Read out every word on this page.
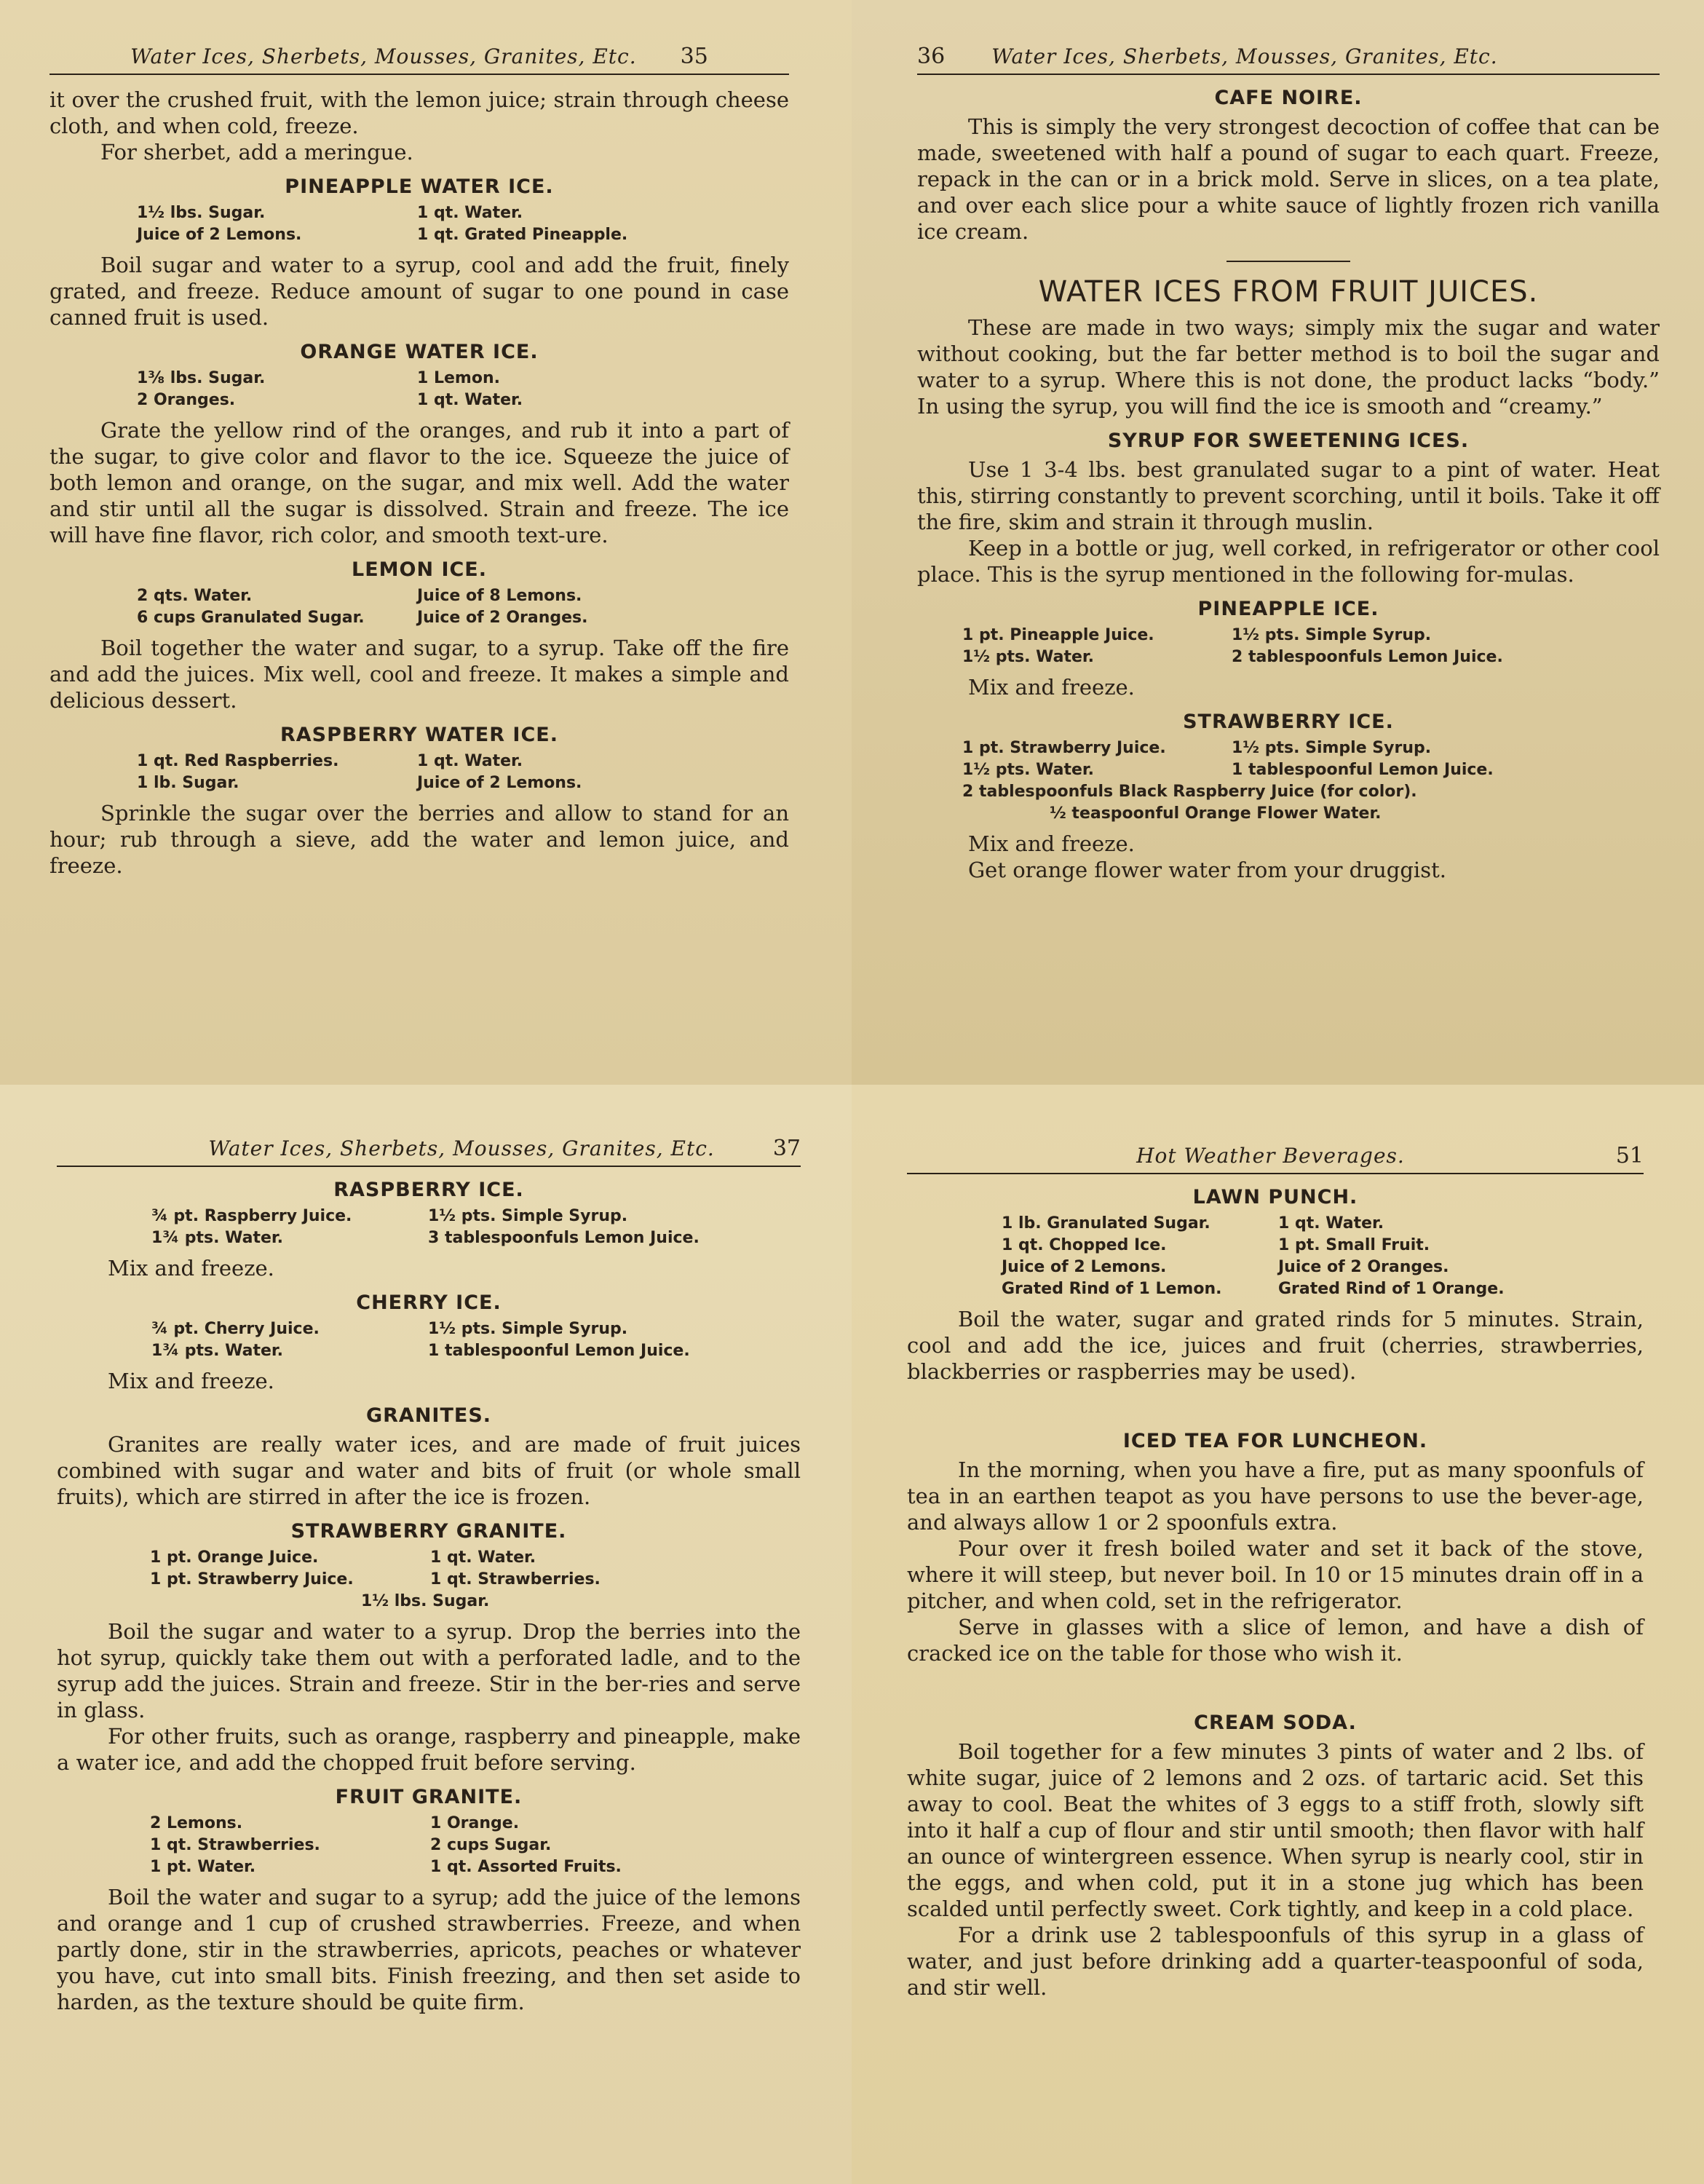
Water Ices, Sherbets, Mousses, Granites, Etc. 35

it over the crushed fruit, with the lemon juice; strain through cheese cloth, and when cold, freeze.

For sherbet, add a meringue.

PINEAPPLE WATER ICE.
1½ lbs. Sugar.	1 qt. Water.
Juice of 2 Lemons.	1 qt. Grated Pineapple.

Boil sugar and water to a syrup, cool and add the fruit, finely grated, and freeze. Reduce amount of sugar to one pound in case canned fruit is used.

ORANGE WATER ICE.
1⅜ lbs. Sugar.	1 Lemon.
2 Oranges.	1 qt. Water.

Grate the yellow rind of the oranges, and rub it into a part of the sugar, to give color and flavor to the ice. Squeeze the juice of both lemon and orange, on the sugar, and mix well. Add the water and stir until all the sugar is dissolved. Strain and freeze. The ice will have fine flavor, rich color, and smooth text-ure.

LEMON ICE.
2 qts. Water.	Juice of 8 Lemons.
6 cups Granulated Sugar.	Juice of 2 Oranges.

Boil together the water and sugar, to a syrup. Take off the fire and add the juices. Mix well, cool and freeze. It makes a simple and delicious dessert.

RASPBERRY WATER ICE.
1 qt. Red Raspberries.	1 qt. Water.
1 lb. Sugar.	Juice of 2 Lemons.

Sprinkle the sugar over the berries and allow to stand for an hour; rub through a sieve, add the water and lemon juice, and freeze.

36 Water Ices, Sherbets, Mousses, Granites, Etc.
CAFE NOIRE.

This is simply the very strongest decoction of coffee that can be made, sweetened with half a pound of sugar to each quart. Freeze, repack in the can or in a brick mold. Serve in slices, on a tea plate, and over each slice pour a white sauce of lightly frozen rich vanilla ice cream.

WATER ICES FROM FRUIT JUICES.

These are made in two ways; simply mix the sugar and water without cooking, but the far better method is to boil the sugar and water to a syrup. Where this is not done, the product lacks “body.” In using the syrup, you will find the ice is smooth and “creamy.”

SYRUP FOR SWEETENING ICES.

Use 1 3-4 lbs. best granulated sugar to a pint of water. Heat this, stirring constantly to prevent scorching, until it boils. Take it off the fire, skim and strain it through muslin.

Keep in a bottle or jug, well corked, in refrigerator or other cool place. This is the syrup mentioned in the following for-mulas.

PINEAPPLE ICE.
1 pt. Pineapple Juice.	1½ pts. Simple Syrup.
1½ pts. Water.	2 tablespoonfuls Lemon Juice.

Mix and freeze.

STRAWBERRY ICE.
1 pt. Strawberry Juice.	1½ pts. Simple Syrup.
1½ pts. Water.	1 tablespoonful Lemon Juice.
2 tablespoonfuls Black Raspberry Juice (for color).
½ teaspoonful Orange Flower Water.

Mix and freeze.

Get orange flower water from your druggist.

Water Ices, Sherbets, Mousses, Granites, Etc.	37
RASPBERRY ICE.
¾ pt. Raspberry Juice.	1½ pts. Simple Syrup.
1¾ pts. Water.	3 tablespoonfuls Lemon Juice.

Mix and freeze.

CHERRY ICE.
¾ pt. Cherry Juice.	1½ pts. Simple Syrup.
1¾ pts. Water.	1 tablespoonful Lemon Juice.

Mix and freeze.

GRANITES.

Granites are really water ices, and are made of fruit juices combined with sugar and water and bits of fruit (or whole small fruits), which are stirred in after the ice is frozen.

STRAWBERRY GRANITE.
1 pt. Orange Juice.	1 qt. Water.
1 pt. Strawberry Juice.	1 qt. Strawberries.
1½ lbs. Sugar.

Boil the sugar and water to a syrup. Drop the berries into the hot syrup, quickly take them out with a perforated ladle, and to the syrup add the juices. Strain and freeze. Stir in the ber-ries and serve in glass.

For other fruits, such as orange, raspberry and pineapple, make a water ice, and add the chopped fruit before serving.

FRUIT GRANITE.
2 Lemons.	1 Orange.
1 qt. Strawberries.	2 cups Sugar.
1 pt. Water.	1 qt. Assorted Fruits.

Boil the water and sugar to a syrup; add the juice of the lemons and orange and 1 cup of crushed strawberries. Freeze, and when partly done, stir in the strawberries, apricots, peaches or whatever you have, cut into small bits. Finish freezing, and then set aside to harden, as the texture should be quite firm.

Hot Weather Beverages.	51
LAWN PUNCH.
1 lb. Granulated Sugar.	1 qt. Water.
1 qt. Chopped Ice.	1 pt. Small Fruit.
Juice of 2 Lemons.	Juice of 2 Oranges.
Grated Rind of 1 Lemon.	Grated Rind of 1 Orange.

Boil the water, sugar and grated rinds for 5 minutes. Strain, cool and add the ice, juices and fruit (cherries, strawberries, blackberries or raspberries may be used).

ICED TEA FOR LUNCHEON.

In the morning, when you have a fire, put as many spoonfuls of tea in an earthen teapot as you have persons to use the bever-age, and always allow 1 or 2 spoonfuls extra.

Pour over it fresh boiled water and set it back of the stove, where it will steep, but never boil. In 10 or 15 minutes drain off in a pitcher, and when cold, set in the refrigerator.

Serve in glasses with a slice of lemon, and have a dish of cracked ice on the table for those who wish it.

CREAM SODA.

Boil together for a few minutes 3 pints of water and 2 lbs. of white sugar, juice of 2 lemons and 2 ozs. of tartaric acid. Set this away to cool. Beat the whites of 3 eggs to a stiff froth, slowly sift into it half a cup of flour and stir until smooth; then flavor with half an ounce of wintergreen essence. When syrup is nearly cool, stir in the eggs, and when cold, put it in a stone jug which has been scalded until perfectly sweet. Cork tightly, and keep in a cold place.

For a drink use 2 tablespoonfuls of this syrup in a glass of water, and just before drinking add a quarter-teaspoonful of soda, and stir well.
